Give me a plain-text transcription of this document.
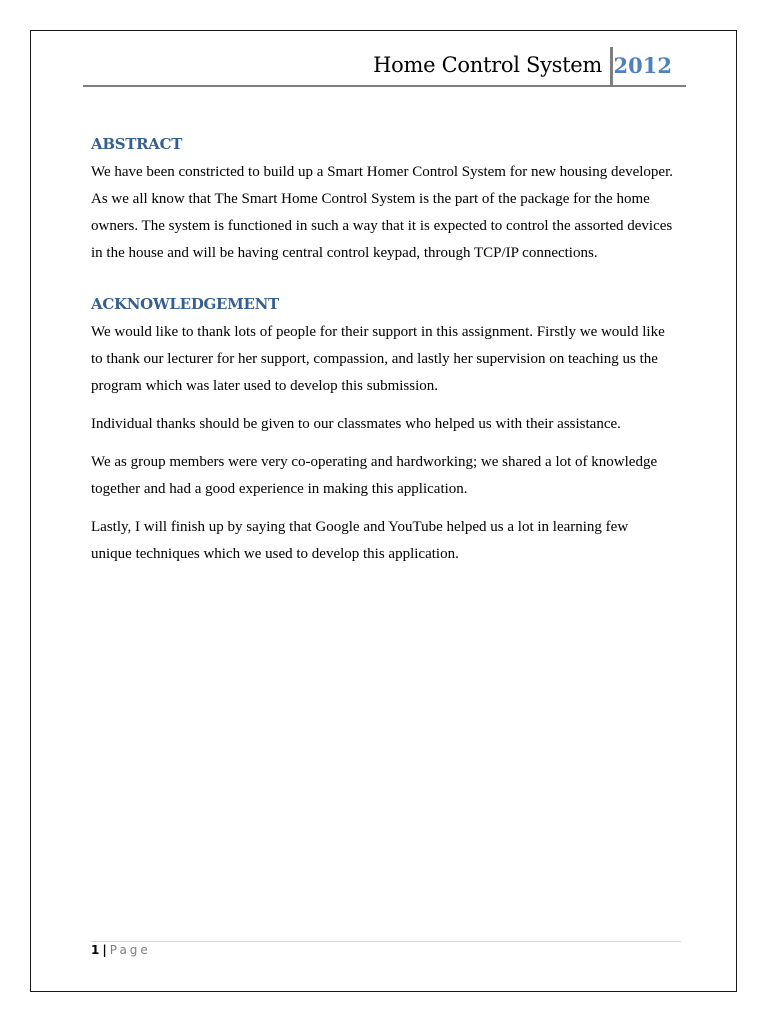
Home Control System 2012
ABSTRACT

We have been constricted to build up a Smart Homer Control System for new housing developer.
As we all know that The Smart Home Control System is the part of the package for the home
owners. The system is functioned in such a way that it is expected to control the assorted devices
in the house and will be having central control keypad, through TCP/IP connections.

ACKNOWLEDGEMENT

We would like to thank lots of people for their support in this assignment. Firstly we would like
to thank our lecturer for her support, compassion, and lastly her supervision on teaching us the
program which was later used to develop this submission.

Individual thanks should be given to our classmates who helped us with their assistance.

We as group members were very co-operating and hardworking; we shared a lot of knowledge
together and had a good experience in making this application.

Lastly, I will finish up by saying that Google and YouTube helped us a lot in learning few
unique techniques which we used to develop this application.

1 | Page
